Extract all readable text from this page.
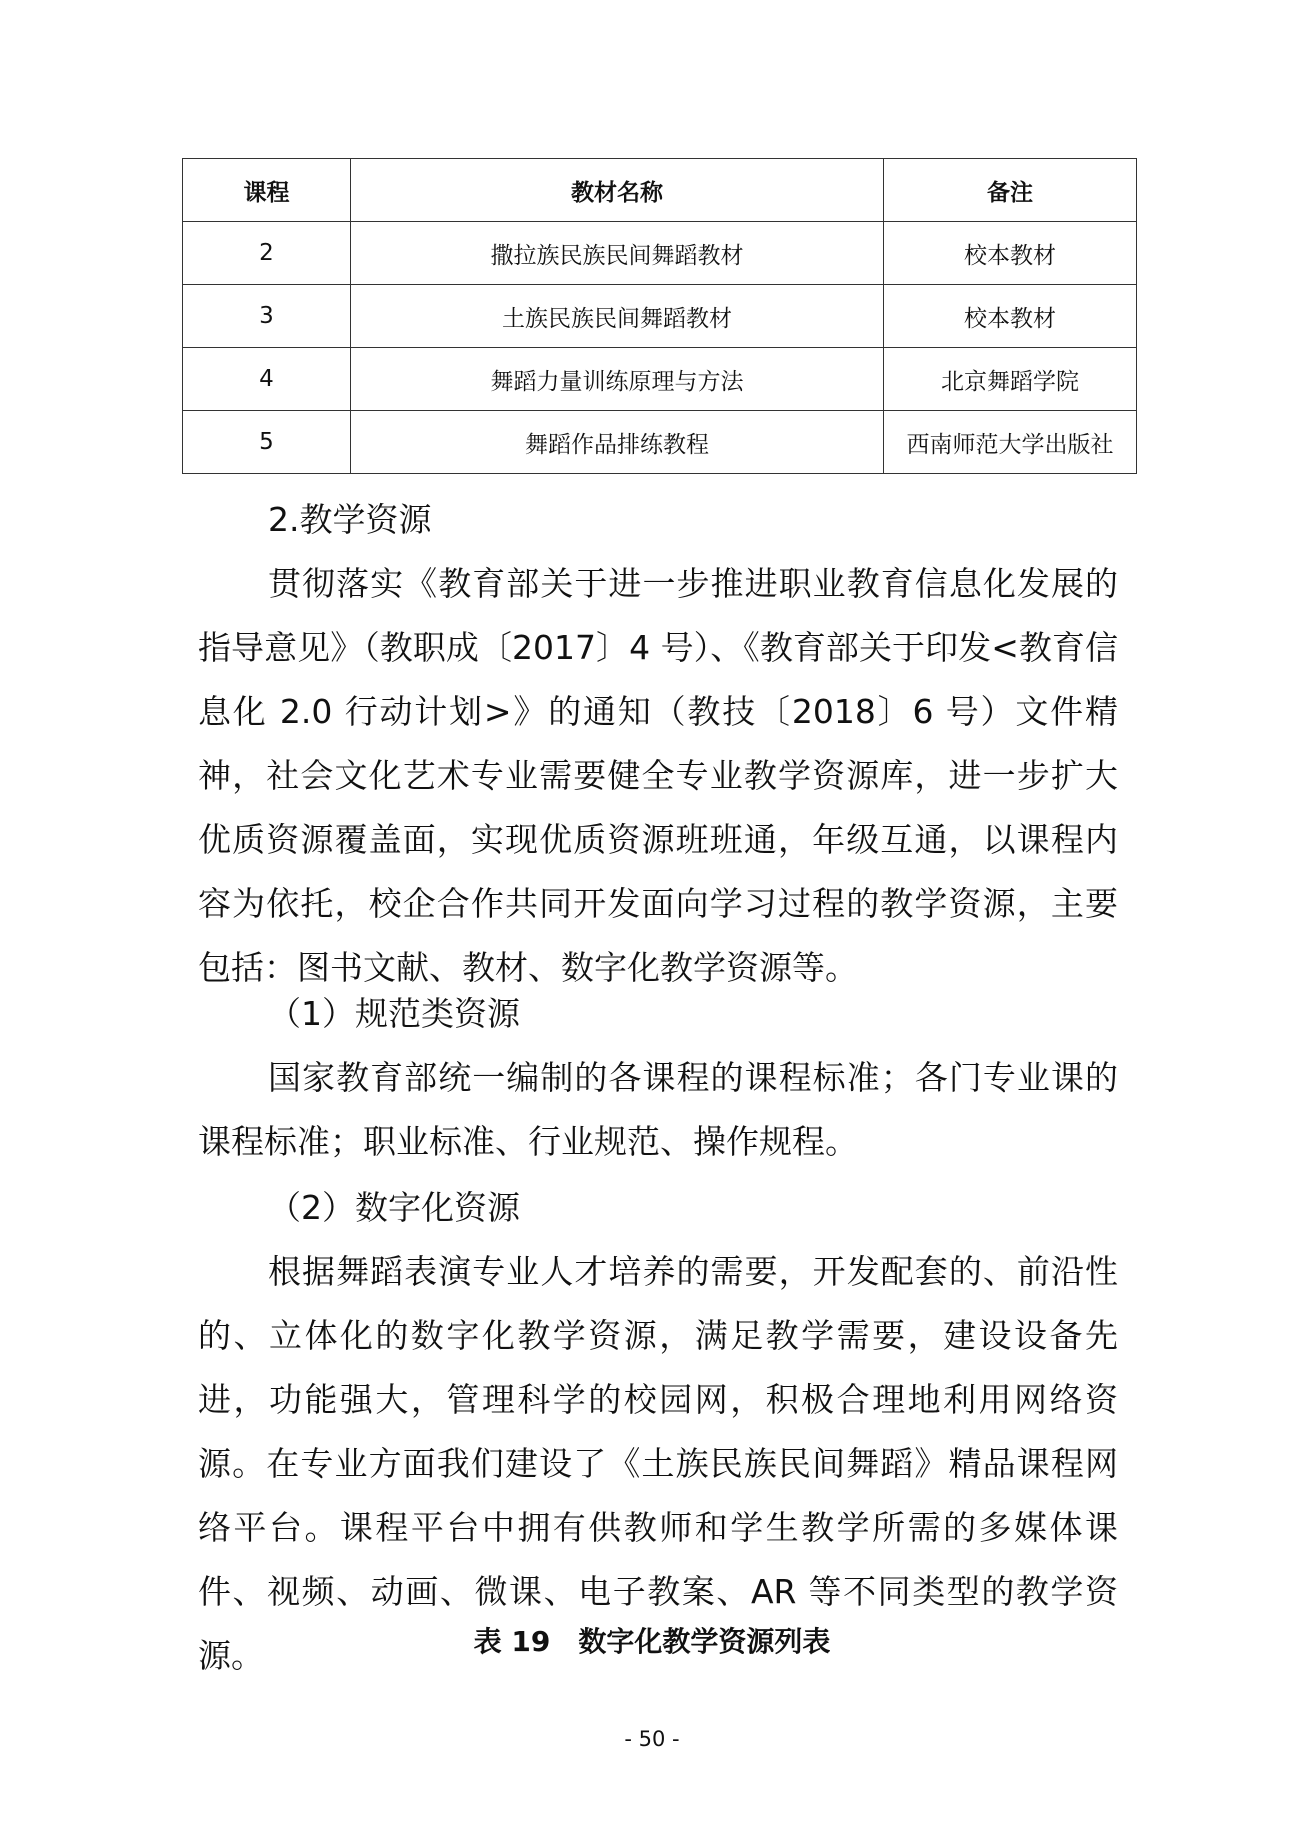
课程	教材名称	备注
2	撒拉族民族民间舞蹈教材	校本教材
3	土族民族民间舞蹈教材	校本教材
4	舞蹈力量训练原理与方法	北京舞蹈学院
5	舞蹈作品排练教程	西南师范大学出版社

2.教学资源

贯彻落实《教育部关于进一步推进职业教育信息化发展的指导意见》（教职成〔2017〕4 号）、《教育部关于印发<教育信息化 2.0 行动计划>》的通知（教技〔2018〕6 号）文件精神，社会文化艺术专业需要健全专业教学资源库，进一步扩大优质资源覆盖面，实现优质资源班班通，年级互通，以课程内容为依托，校企合作共同开发面向学习过程的教学资源，主要包括：图书文献、教材、数字化教学资源等。

（1）规范类资源

国家教育部统一编制的各课程的课程标准；各门专业课的课程标准；职业标准、行业规范、操作规程。

（2）数字化资源

根据舞蹈表演专业人才培养的需要，开发配套的、前沿性的、立体化的数字化教学资源，满足教学需要，建设设备先进，功能强大，管理科学的校园网，积极合理地利用网络资源。在专业方面我们建设了《土族民族民间舞蹈》精品课程网络平台。课程平台中拥有供教师和学生教学所需的多媒体课件、视频、动画、微课、电子教案、AR 等不同类型的教学资源。	表 19　数字化教学资源列表

- 50 -
